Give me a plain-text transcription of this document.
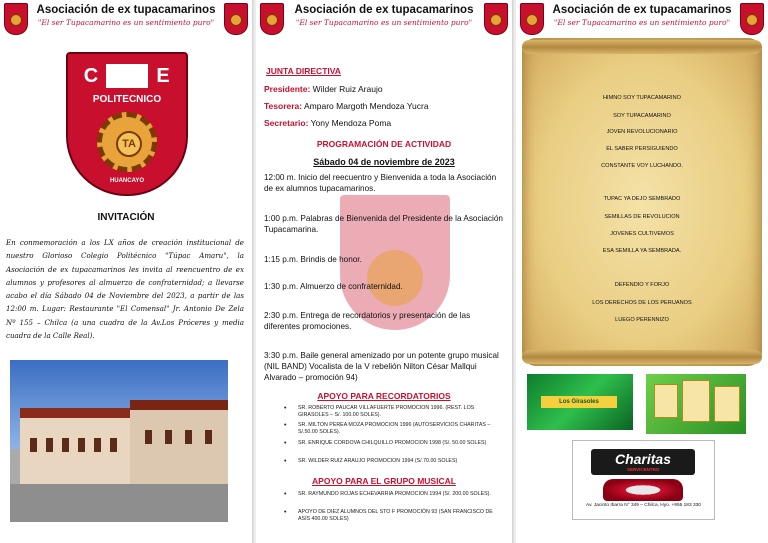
Asociación de ex tupacamarinos
"El ser Tupacamarino es un sentimiento puro"
C	E
POLITECNICO
TA
HUANCAYO
INVITACIÓN
En conmemoración a los LX años de creación institucional de nuestro Glorioso Colegio Politécnico "Túpac Amaru", la Asociación de ex tupacamarinos les invita al reencuentro de ex alumnos y profesores al almuerzo de confraternidad; a llevarse acabo el día Sábado 04 de Noviembre del 2023, a partir de las 12:00 m. Lugar: Restaurante "El Comensal" Jr. Antonio De Zela Nº 155 – Chilca (a una cuadra de la Av.Los Próceres y media cuadra de la Calle Real).
Asociación de ex tupacamarinos
"El ser Tupacamarino es un sentimiento puro"
JUNTA DIRECTIVA
Presidente: Wilder Ruiz Araujo
Tesorera: Amparo Margoth Mendoza Yucra
Secretario: Yony Mendoza Poma
PROGRAMACIÓN DE ACTIVIDAD
Sábado 04 de noviembre de 2023
12:00 m. Inicio del reecuentro y Bienvenida a toda la Asociación de ex alumnos tupacamarinos.
1:00 p.m. Palabras de Bienvenida del Presidente de la Asociación Tupacamarina.
1:15 p.m. Brindis de honor.
1:30 p.m. Almuerzo de confraternidad.
2:30 p.m. Entrega de recordatorios y presentación de las diferentes promociones.
3:30 p.m. Baile general amenizado por un potente grupo musical (NIL BAND) Vocalista de la V rebelión Nilton César Mallqui Alvarado – promoción 94)
APOYO PARA RECORDATORIOS
• SR. ROBERTO PAUCAR VILLAFUERTE PROMOCION 1996. (REST. LOS GIRASOLES – S/. 100.00 SOLES).
• SR. MILTON PEREA MOZA PROMOCION 1996 (AUTOSERVICIOS CHARITAS – S/.50.00 SOLES).
• SR. ENRIQUE CORDOVA CHILQUILLO PROMOCION 1998 (S/. 50.00 SOLES)
• SR. WILDER RUIZ ARAUJO PROMOCION 1994 (S/.70.00 SOLES)
APOYO PARA EL GRUPO MUSICAL
• SR. RAYMUNDO ROJAS ECHEVARRIA PROMOCION 1994 (S/. 200.00 SOLES).
• APOYO DE DIEZ ALUMNOS DEL STO F PROMOCIÓN 93 (SAN FRANCISCO DE ASÍS 400.00 SOLES)
Asociación de ex tupacamarinos
"El ser Tupacamarino es un sentimiento puro"
HIMNO SOY TUPACAMARINO
SOY TUPACAMARINO
JOVEN REVOLUCIONARIO
EL SABER PERSIGUIENDO
CONSTANTE VOY LUCHANDO.
TUPAC YA DEJO SEMBRADO
SEMILLAS DE REVOLUCION
JOVENES CULTIVEMOS
ESA SEMILLA YA SEMBRADA.
DEFENDIO Y FORJO
LOS DERECHOS DE LOS PERUANOS
LUEGO PERENNIZO
Los Girasoles
Charitas
SERVICENTRO
Av. Jacinto Ibarra N° 349 – Chilca, Hyo. +955 183 330
